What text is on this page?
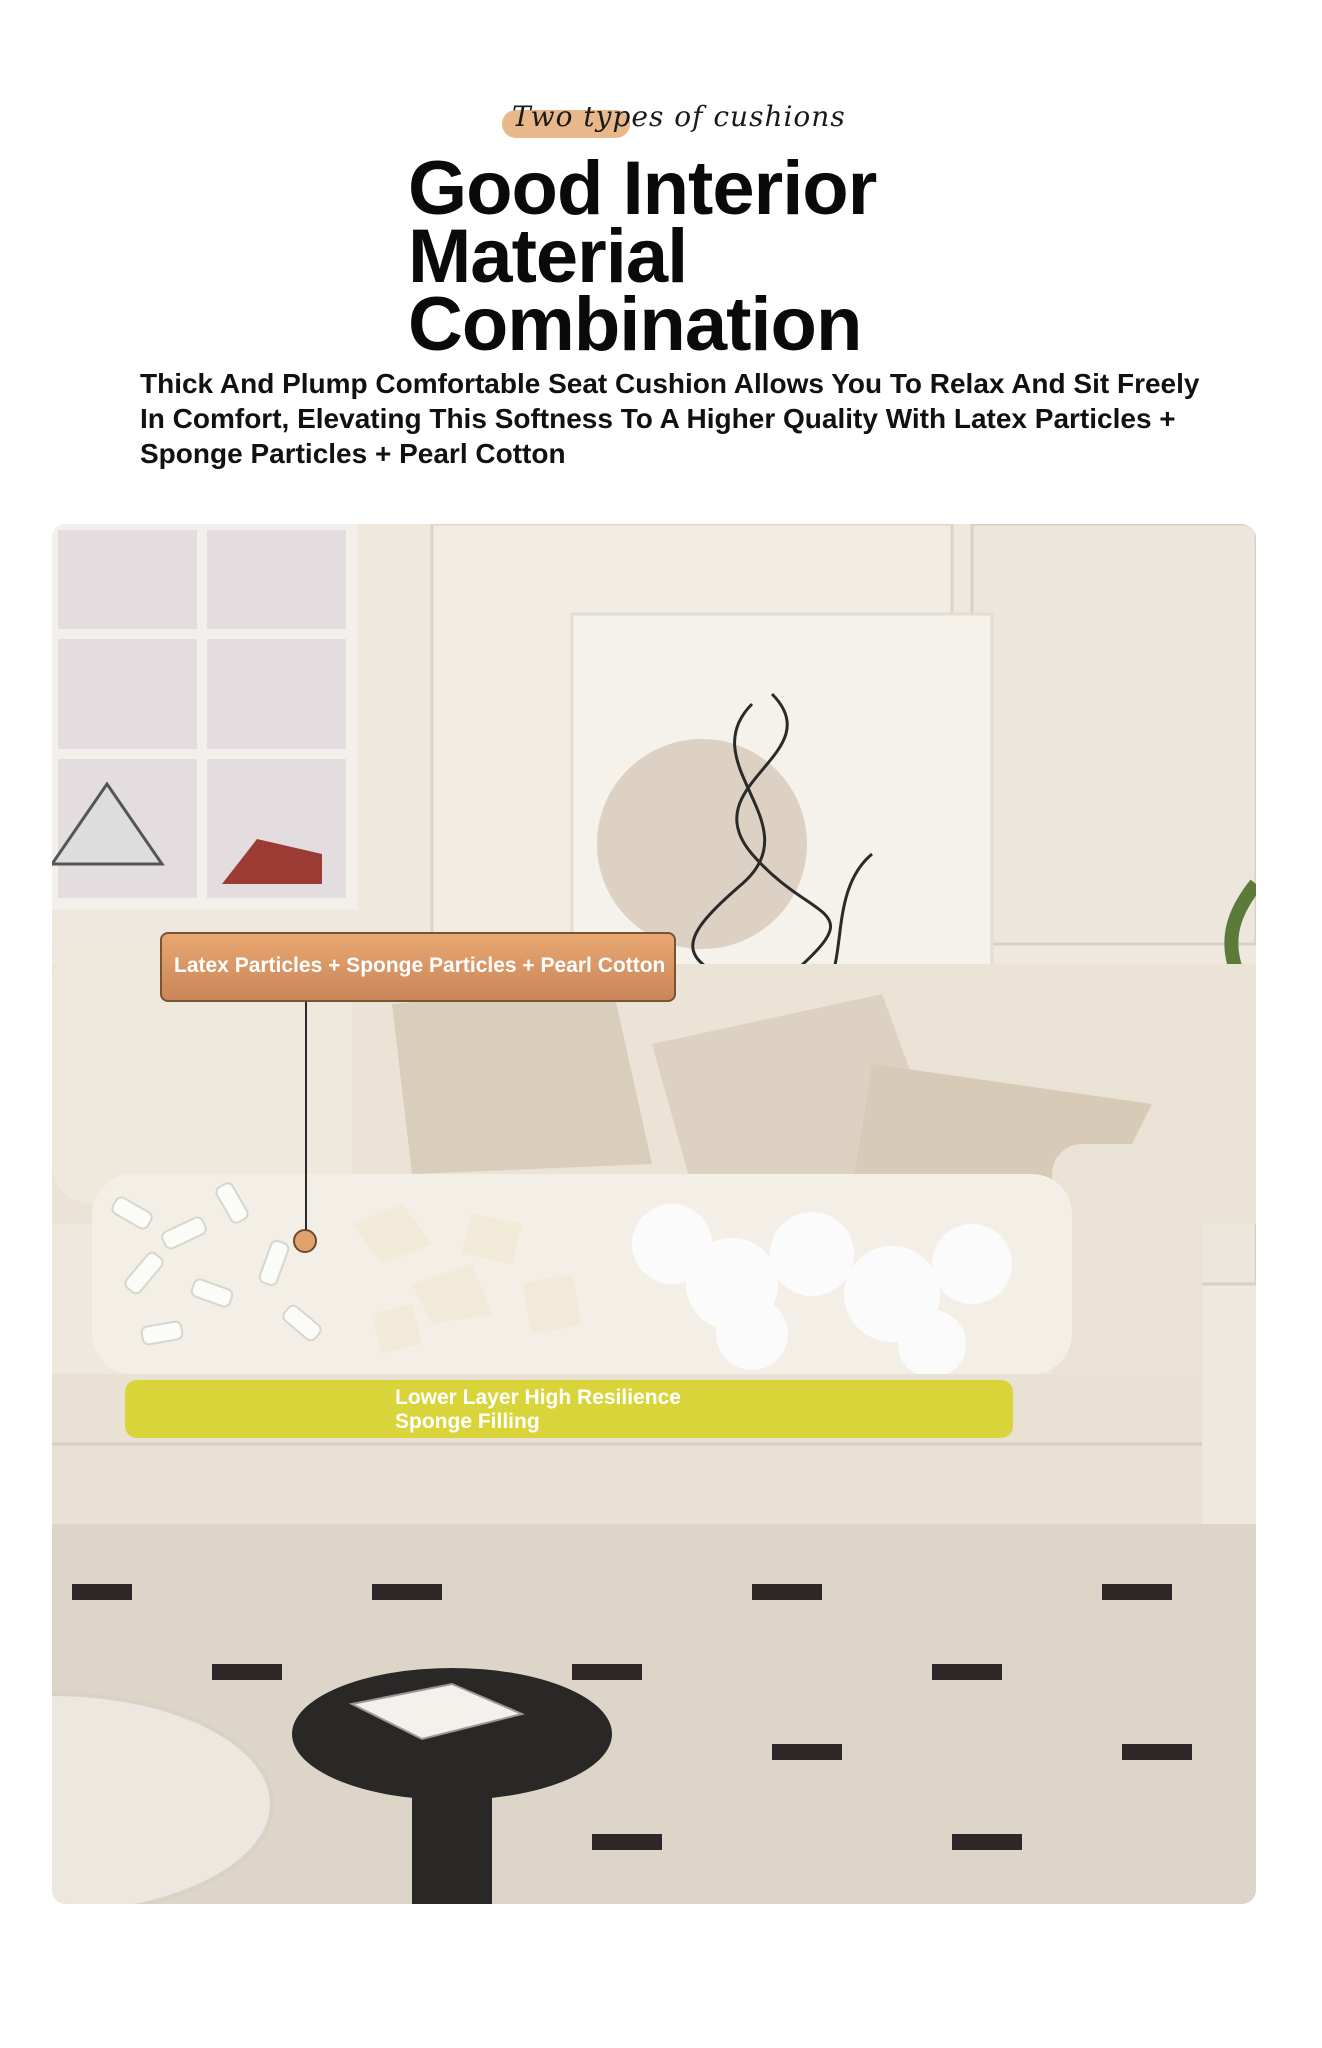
Two types of cushions
Good Interior
Material
Combination
Thick And Plump Comfortable Seat Cushion Allows You To Relax And Sit Freely In Comfort, Elevating This Softness To A Higher Quality With Latex Particles + Sponge Particles + Pearl Cotton
Latex Particles + Sponge Particles + Pearl Cotton
Lower Layer High Resilience
Sponge Filling
